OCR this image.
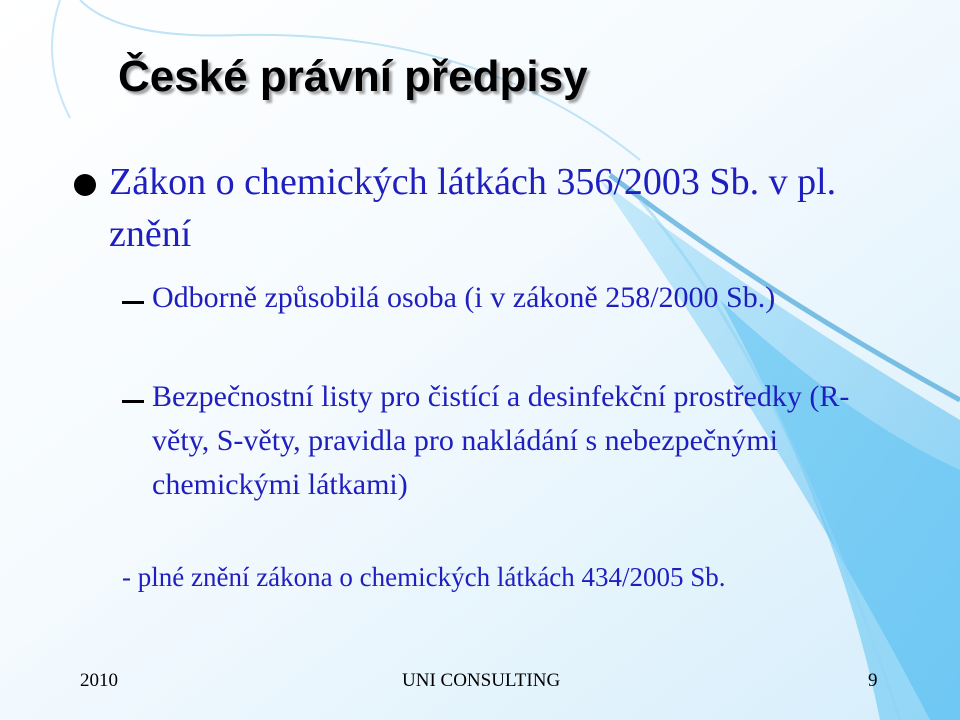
České právní předpisy
Zákon o chemických látkách 356/2003 Sb. v pl. znění
Odborně způsobilá osoba (i v zákoně 258/2000 Sb.)
Bezpečnostní listy pro čistící a desinfekční prostředky (R-věty, S-věty, pravidla pro nakládání s nebezpečnými chemickými látkami)
- plné znění zákona o chemických látkách 434/2005 Sb.
2010	UNI CONSULTING	9
